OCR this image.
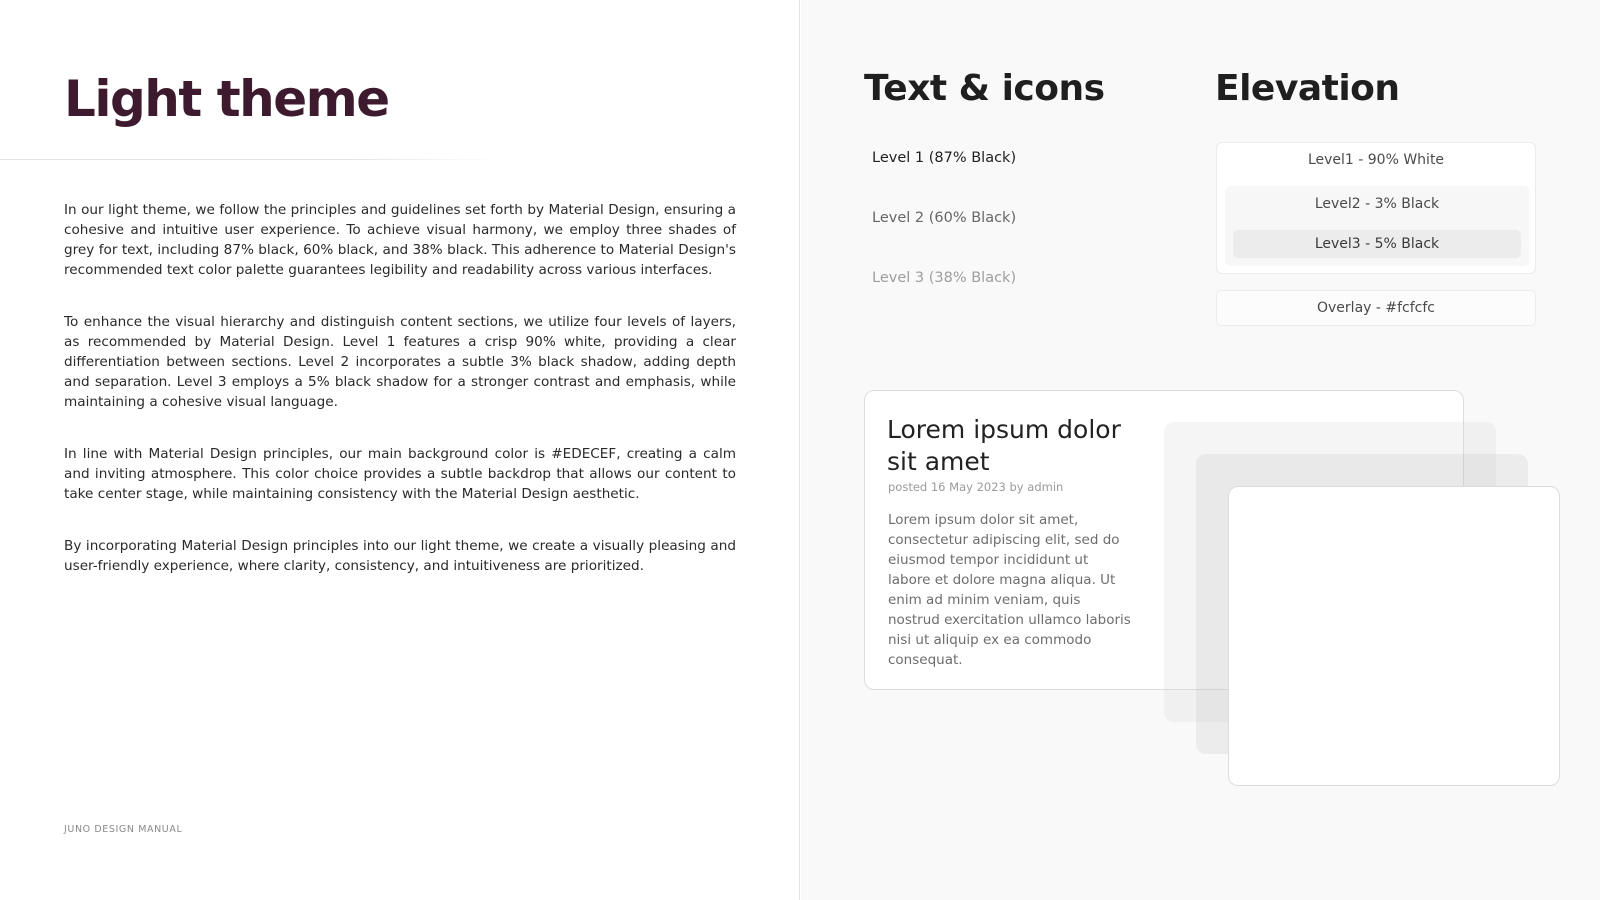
Light theme

In our light theme, we follow the principles and guidelines set forth by Material Design, ensuring a cohesive and intuitive user experience. To achieve visual harmony, we employ three shades of grey for text, including 87% black, 60% black, and 38% black. This adherence to Material Design's recommended text color palette guarantees legibility and readability across various interfaces.

To enhance the visual hierarchy and distinguish content sections, we utilize four levels of layers, as recommended by Material Design. Level 1 features a crisp 90% white, providing a clear differentiation between sections. Level 2 incorporates a subtle 3% black shadow, adding depth and separation. Level 3 employs a 5% black shadow for a stronger contrast and emphasis, while maintaining a cohesive visual language.

In line with Material Design principles, our main background color is #EDECEF, creating a calm and inviting atmosphere. This color choice provides a subtle backdrop that allows our content to take center stage, while maintaining consistency with the Material Design aesthetic.

By incorporating Material Design principles into our light theme, we create a visually pleasing and user-friendly experience, where clarity, consistency, and intuitiveness are prioritized.

JUNO DESIGN MANUAL
Text & icons	Elevation
Level 1 (87% Black)
Level 2 (60% Black)
Level 3 (38% Black)
Level1 - 90% White
Level2 - 3% Black
Level3 - 5% Black
Overlay - #fcfcfc
Lorem ipsum dolor sit amet
posted 16 May 2023 by admin
Lorem ipsum dolor sit amet, consectetur adipiscing elit, sed do eiusmod tempor incididunt ut labore et dolore magna aliqua. Ut enim ad minim veniam, quis nostrud exercitation ullamco laboris nisi ut aliquip ex ea commodo consequat.
